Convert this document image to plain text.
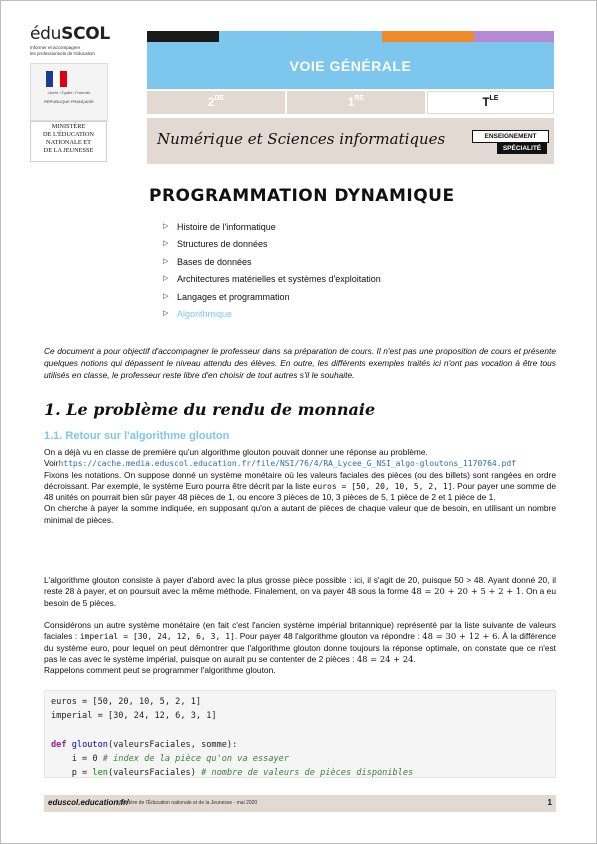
éduSCOL
Informer et accompagner
les professionnels de l'éducation
Liberté • Égalité • Fraternité
RÉPUBLIQUE FRANÇAISE
MINISTÈRE
DE L'ÉDUCATION
NATIONALE ET
DE LA JEUNESSE
VOIE GÉNÉRALE
2DE	1RE	$T^{LE}$
Numérique et Sciences informatiques	ENSEIGNEMENT
SPÉCIALITÉ
PROGRAMMATION DYNAMIQUE
▷ Histoire de l'informatique
▷ Structures de données
▷ Bases de données
▷ Architectures matérielles et systèmes d'exploitation
▷ Langages et programmation
▷ Algorithmique
Ce document a pour objectif d'accompagner le professeur dans sa préparation de cours. Il n'est pas une proposition de cours et présente quelques notions qui dépassent le niveau attendu des élèves. En outre, les différents exemples traités ici n'ont pas vocation à être tous utilisés en classe, le professeur reste libre d'en choisir de tout autres s'il le souhaite.
1. Le problème du rendu de monnaie
1.1. Retour sur l'algorithme glouton
On a déjà vu en classe de première qu'un algorithme glouton pouvait donner une réponse au problème.
Voirhttps://cache.media.eduscol.education.fr/file/NSI/76/4/RA_Lycee_G_NSI_algo-gloutons_1170764.pdf
Fixons les notations. On suppose donné un système monétaire où les valeurs faciales des pièces (ou des billets) sont rangées en ordre décroissant. Par exemple, le système Euro pourra être décrit par la liste euros = [50, 20, 10, 5, 2, 1]. Pour payer une somme de 48 unités on pourrait bien sûr payer 48 pièces de 1, ou encore 3 pièces de 10, 3 pièces de 5, 1 pièce de 2 et 1 pièce de 1.
On cherche à payer la somme indiquée, en supposant qu'on a autant de pièces de chaque valeur que de besoin, en utilisant un nombre minimal de pièces.
L'algorithme glouton consiste à payer d'abord avec la plus grosse pièce possible : ici, il s'agit de 20, puisque 50 > 48. Ayant donné 20, il reste 28 à payer, et on poursuit avec la même méthode. Finalement, on va payer 48 sous la forme 48 = 20 + 20 + 5 + 2 + 1. On a eu besoin de 5 pièces.
Considérons un autre système monétaire (en fait c'est l'ancien système impérial britannique) représenté par la liste suivante de valeurs faciales : imperial = [30, 24, 12, 6, 3, 1]. Pour payer 48 l'algorithme glouton va répondre : 48 = 30 + 12 + 6. À la différence du système euro, pour lequel on peut démontrer que l'algorithme glouton donne toujours la réponse optimale, on constate que ce n'est pas le cas avec le système impérial, puisque on aurait pu se contenter de 2 pièces : 48 = 24 + 24.
Rappelons comment peut se programmer l'algorithme glouton.
euros = [50, 20, 10, 5, 2, 1]
imperial = [30, 24, 12, 6, 3, 1]

def glouton(valeursFaciales, somme):
i = 0 # index de la pièce qu'on va essayer
p = len(valeursFaciales) # nombre de valeurs de pièces disponibles
eduscol.education.fr/
Ministère de l'Éducation nationale et de la Jeunesse - mai 2020	1
